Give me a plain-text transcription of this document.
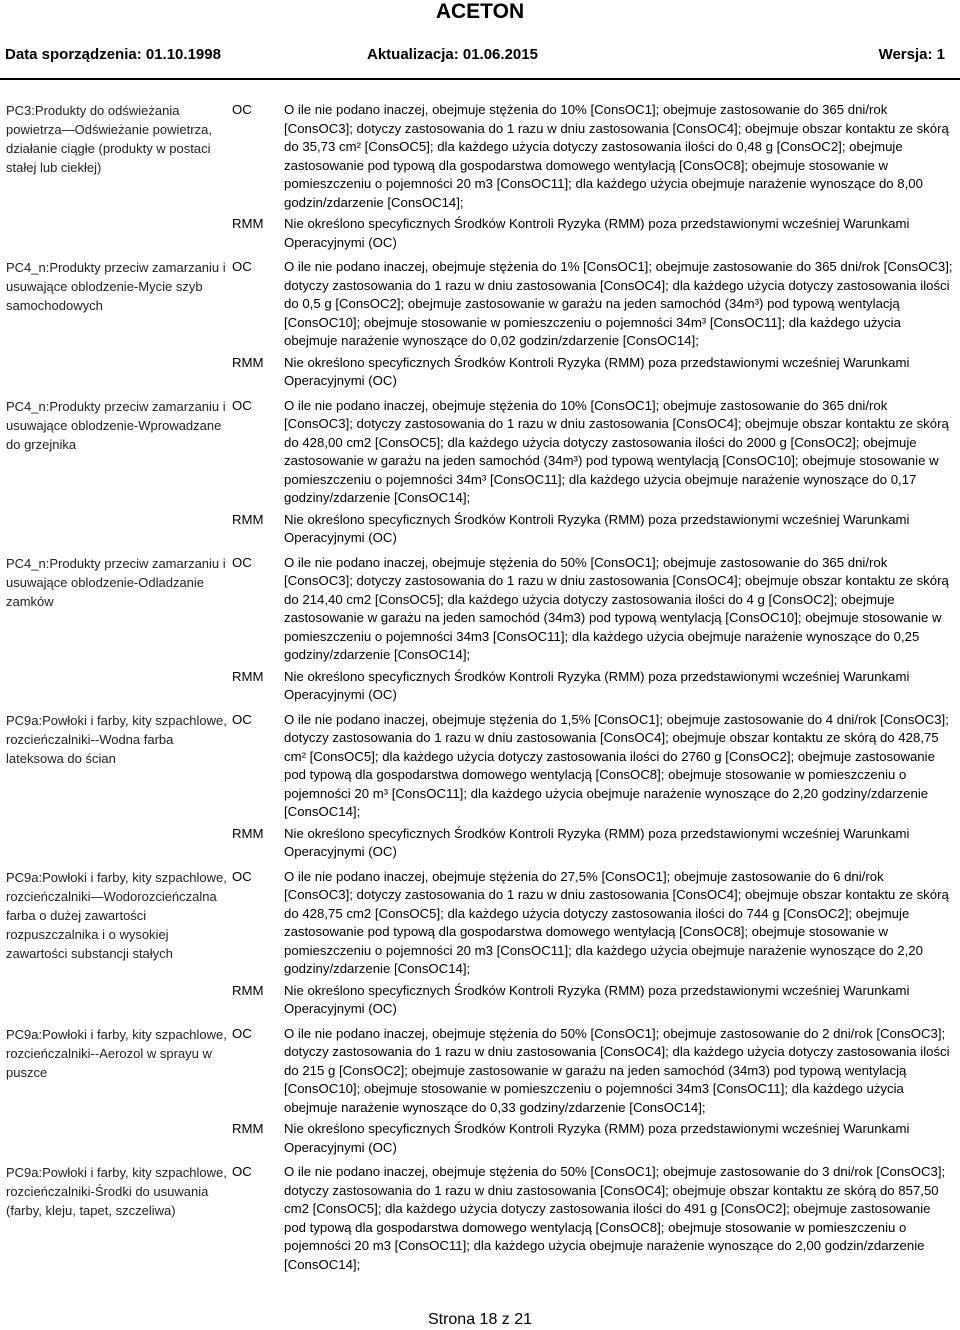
ACETON
Data sporządzenia: 01.10.1998	Aktualizacja: 01.06.2015	Wersja: 1
PC3:Produkty do odświeżania powietrza—Odświeżanie powietrza, działanie ciągłe (produkty w postaci stałej lub ciekłej)	OC	O ile nie podano inaczej, obejmuje stężenia do 10% [ConsOC1]; obejmuje zastosowanie do 365 dni/rok [ConsOC3]; dotyczy zastosowania do 1 razu w dniu zastosowania [ConsOC4]; obejmuje obszar kontaktu ze skórą do 35,73 cm² [ConsOC5]; dla każdego użycia dotyczy zastosowania ilości do 0,48 g [ConsOC2]; obejmuje zastosowanie pod typową dla gospodarstwa domowego wentylacją [ConsOC8]; obejmuje stosowanie w pomieszczeniu o pojemności 20 m3 [ConsOC11]; dla każdego użycia obejmuje narażenie wynoszące do 8,00 godzin/zdarzenie [ConsOC14];
	RMM	Nie określono specyficznych Środków Kontroli Ryzyka (RMM) poza przedstawionymi wcześniej Warunkami Operacyjnymi (OC)

PC4_n:Produkty przeciw zamarzaniu i usuwające oblodzenie-Mycie szyb samochodowych	OC	O ile nie podano inaczej, obejmuje stężenia do 1% [ConsOC1]; obejmuje zastosowanie do 365 dni/rok [ConsOC3]; dotyczy zastosowania do 1 razu w dniu zastosowania [ConsOC4]; dla każdego użycia dotyczy zastosowania ilości do 0,5 g [ConsOC2]; obejmuje zastosowanie w garażu na jeden samochód (34m³) pod typową wentylacją [ConsOC10]; obejmuje stosowanie w pomieszczeniu o pojemności 34m³ [ConsOC11]; dla każdego użycia obejmuje narażenie wynoszące do 0,02 godzin/zdarzenie [ConsOC14];
	RMM	Nie określono specyficznych Środków Kontroli Ryzyka (RMM) poza przedstawionymi wcześniej Warunkami Operacyjnymi (OC)

PC4_n:Produkty przeciw zamarzaniu i usuwające oblodzenie-Wprowadzane do grzejnika	OC	O ile nie podano inaczej, obejmuje stężenia do 10% [ConsOC1]; obejmuje zastosowanie do 365 dni/rok [ConsOC3]; dotyczy zastosowania do 1 razu w dniu zastosowania [ConsOC4]; obejmuje obszar kontaktu ze skórą do 428,00 cm2 [ConsOC5]; dla każdego użycia dotyczy zastosowania ilości do 2000 g [ConsOC2]; obejmuje zastosowanie w garażu na jeden samochód (34m³) pod typową wentylacją [ConsOC10]; obejmuje stosowanie w pomieszczeniu o pojemności 34m³ [ConsOC11]; dla każdego użycia obejmuje narażenie wynoszące do 0,17 godziny/zdarzenie [ConsOC14];
	RMM	Nie określono specyficznych Środków Kontroli Ryzyka (RMM) poza przedstawionymi wcześniej Warunkami Operacyjnymi (OC)

PC4_n:Produkty przeciw zamarzaniu i usuwające oblodzenie-Odladzanie zamków	OC	O ile nie podano inaczej, obejmuje stężenia do 50% [ConsOC1]; obejmuje zastosowanie do 365 dni/rok [ConsOC3]; dotyczy zastosowania do 1 razu w dniu zastosowania [ConsOC4]; obejmuje obszar kontaktu ze skórą do 214,40 cm2 [ConsOC5]; dla każdego użycia dotyczy zastosowania ilości do 4 g [ConsOC2]; obejmuje zastosowanie w garażu na jeden samochód (34m3) pod typową wentylacją [ConsOC10]; obejmuje stosowanie w pomieszczeniu o pojemności 34m3 [ConsOC11]; dla każdego użycia obejmuje narażenie wynoszące do 0,25 godziny/zdarzenie [ConsOC14];
	RMM	Nie określono specyficznych Środków Kontroli Ryzyka (RMM) poza przedstawionymi wcześniej Warunkami Operacyjnymi (OC)

PC9a:Powłoki i farby, kity szpachlowe, rozcieńczalniki--Wodna farba lateksowa do ścian	OC	O ile nie podano inaczej, obejmuje stężenia do 1,5% [ConsOC1]; obejmuje zastosowanie do 4 dni/rok [ConsOC3]; dotyczy zastosowania do 1 razu w dniu zastosowania [ConsOC4]; obejmuje obszar kontaktu ze skórą do 428,75 cm² [ConsOC5]; dla każdego użycia dotyczy zastosowania ilości do 2760 g [ConsOC2]; obejmuje zastosowanie pod typową dla gospodarstwa domowego wentylacją [ConsOC8]; obejmuje stosowanie w pomieszczeniu o pojemności 20 m³ [ConsOC11]; dla każdego użycia obejmuje narażenie wynoszące do 2,20 godziny/zdarzenie [ConsOC14];
	RMM	Nie określono specyficznych Środków Kontroli Ryzyka (RMM) poza przedstawionymi wcześniej Warunkami Operacyjnymi (OC)

PC9a:Powłoki i farby, kity szpachlowe, rozcieńczalniki—Wodorozcieńczalna farba o dużej zawartości rozpuszczalnika i o wysokiej zawartości substancji stałych	OC	O ile nie podano inaczej, obejmuje stężenia do 27,5% [ConsOC1]; obejmuje zastosowanie do 6 dni/rok [ConsOC3]; dotyczy zastosowania do 1 razu w dniu zastosowania [ConsOC4]; obejmuje obszar kontaktu ze skórą do 428,75 cm2 [ConsOC5]; dla każdego użycia dotyczy zastosowania ilości do 744 g [ConsOC2]; obejmuje zastosowanie pod typową dla gospodarstwa domowego wentylacją [ConsOC8]; obejmuje stosowanie w pomieszczeniu o pojemności 20 m3 [ConsOC11]; dla każdego użycia obejmuje narażenie wynoszące do 2,20 godziny/zdarzenie [ConsOC14];
	RMM	Nie określono specyficznych Środków Kontroli Ryzyka (RMM) poza przedstawionymi wcześniej Warunkami Operacyjnymi (OC)

PC9a:Powłoki i farby, kity szpachlowe, rozcieńczalniki--Aerozol w sprayu w puszce	OC	O ile nie podano inaczej, obejmuje stężenia do 50% [ConsOC1]; obejmuje zastosowanie do 2 dni/rok [ConsOC3]; dotyczy zastosowania do 1 razu w dniu zastosowania [ConsOC4]; dla każdego użycia dotyczy zastosowania ilości do 215 g [ConsOC2]; obejmuje zastosowanie w garażu na jeden samochód (34m3) pod typową wentylacją [ConsOC10]; obejmuje stosowanie w pomieszczeniu o pojemności 34m3 [ConsOC11]; dla każdego użycia obejmuje narażenie wynoszące do 0,33 godziny/zdarzenie [ConsOC14];
	RMM	Nie określono specyficznych Środków Kontroli Ryzyka (RMM) poza przedstawionymi wcześniej Warunkami Operacyjnymi (OC)

PC9a:Powłoki i farby, kity szpachlowe, rozcieńczalniki-Środki do usuwania (farby, kleju, tapet, szczeliwa)	OC	O ile nie podano inaczej, obejmuje stężenia do 50% [ConsOC1]; obejmuje zastosowanie do 3 dni/rok [ConsOC3]; dotyczy zastosowania do 1 razu w dniu zastosowania [ConsOC4]; obejmuje obszar kontaktu ze skórą do 857,50 cm2 [ConsOC5]; dla każdego użycia dotyczy zastosowania ilości do 491 g [ConsOC2]; obejmuje zastosowanie pod typową dla gospodarstwa domowego wentylacją [ConsOC8]; obejmuje stosowanie w pomieszczeniu o pojemności 20 m3 [ConsOC11]; dla każdego użycia obejmuje narażenie wynoszące do 2,00 godzin/zdarzenie [ConsOC14];
Strona 18 z 21
